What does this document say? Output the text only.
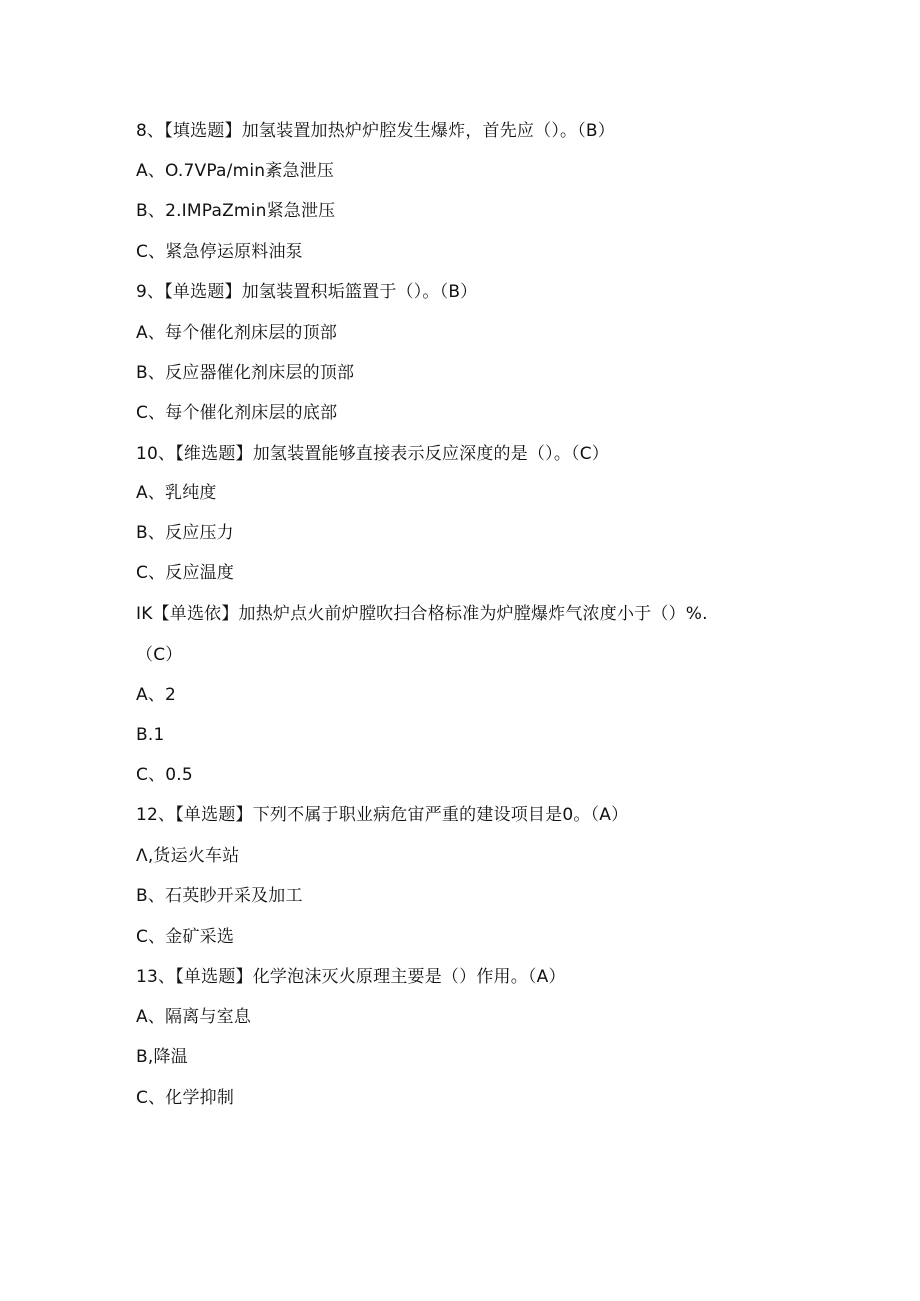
8、【填选题】加氢装置加热炉炉腔发生爆炸，首先应（）。（B）
A、O.7VPa/min紊急泄压
B、2.IMPaZmin紧急泄压
C、紧急停运原料油泵
9、【单选题】加氢装置积垢篮置于（）。（B）
A、每个催化剂床层的顶部
B、反应器催化剂床层的顶部
C、每个催化剂床层的底部
10、【维选题】加氢装置能够直接表示反应深度的是（）。（C）
A、乳纯度
B、反应压力
C、反应温度
IK【单选依】加热炉点火前炉膛吹扫合格标准为炉膛爆炸气浓度小于（）%.
（C）
A、2
B.1
C、0.5
12、【单选题】下列不属于职业病危宙严重的建设项目是0。（A）
Λ,货运火车站
B、石英眇开采及加工
C、金矿采选
13、【单选题】化学泡沫灭火原理主要是（）作用。（A）
A、隔离与室息
B,降温
C、化学抑制
